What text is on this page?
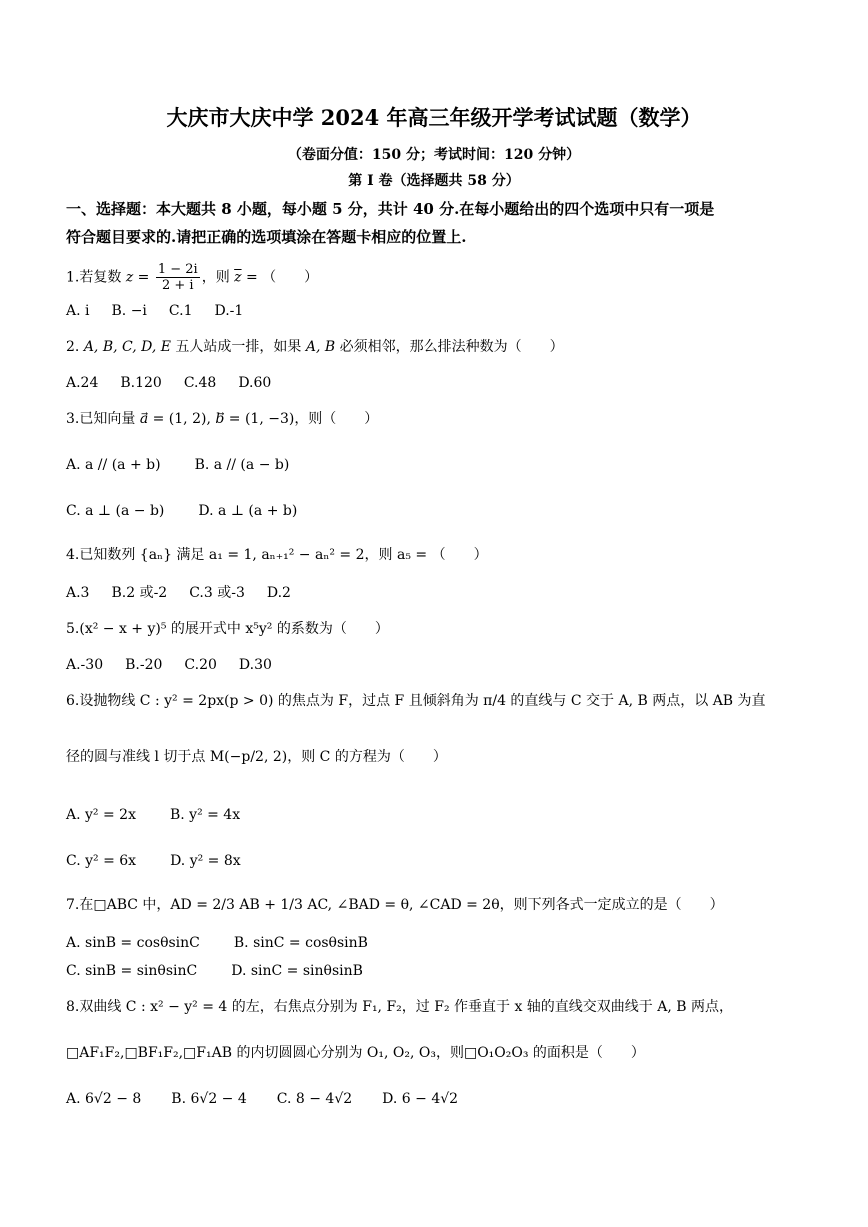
大庆市大庆中学 2024 年高三年级开学考试试题（数学）
（卷面分值：150 分；考试时间：120 分钟）
第 I 卷（选择题共 58 分）
一、选择题：本大题共 8 小题，每小题 5 分，共计 40 分.在每小题给出的四个选项中只有一项是
符合题目要求的.请把正确的选项填涂在答题卡相应的位置上.
1.若复数 $z = \frac{1 - 2i}{2 + i}$ ，则 $\overline{z}$ = （　　）
A. i B. −i C.1 D.-1
2. A, B, C, D, E 五人站成一排，如果 A, B 必须相邻，那么排法种数为（　　）
A.24 B.120 C.48 D.60
3.已知向量 a⃗ = (1, 2), b⃗ = (1, −3)，则（　　）
A. a // (a + b) B. a // (a − b)
C. a ⊥ (a − b) D. a ⊥ (a + b)
4.已知数列 {aₙ} 满足 a₁ = 1, aₙ₊₁² − aₙ² = 2，则 a₅ = （　　）
A.3 B.2 或-2 C.3 或-3 D.2
5.(x² − x + y)⁵ 的展开式中 x⁵y² 的系数为（　　）
A.-30 B.-20 C.20 D.30
6.设抛物线 C : y² = 2px(p > 0) 的焦点为 F，过点 F 且倾斜角为 π/4 的直线与 C 交于 A, B 两点，以 AB 为直
径的圆与准线 l 切于点 M(−p/2, 2)，则 C 的方程为（　　）
A. y² = 2x B. y² = 4x
C. y² = 6x D. y² = 8x
7.在□ABC 中，AD = 2/3 AB + 1/3 AC, ∠BAD = θ, ∠CAD = 2θ，则下列各式一定成立的是（　　）
A. sinB = cosθsinC B. sinC = cosθsinB
C. sinB = sinθsinC D. sinC = sinθsinB
8.双曲线 C : x² − y² = 4 的左，右焦点分别为 F₁, F₂，过 F₂ 作垂直于 x 轴的直线交双曲线于 A, B 两点，
□AF₁F₂,□BF₁F₂,□F₁AB 的内切圆圆心分别为 O₁, O₂, O₃，则□O₁O₂O₃ 的面积是（　　）
A. 6√2 − 8 B. 6√2 − 4 C. 8 − 4√2 D. 6 − 4√2
